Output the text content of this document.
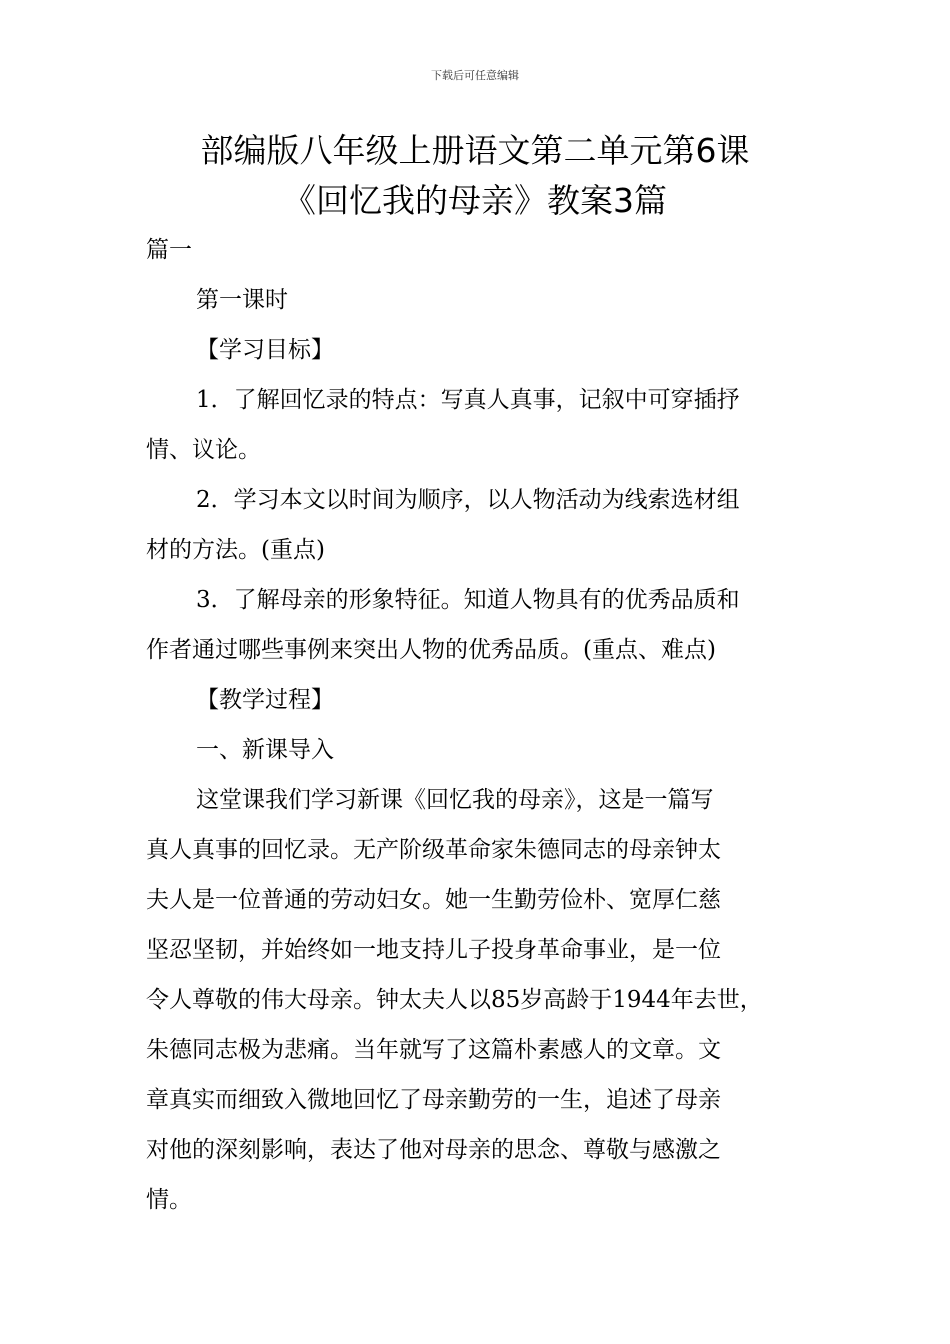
下载后可任意编辑
部编版八年级上册语文第二单元第6课
《回忆我的母亲》教案3篇
篇一
第一课时
【学习目标】
1．了解回忆录的特点：写真人真事，记叙中可穿插抒
情、议论。
2．学习本文以时间为顺序，以人物活动为线索选材组
材的方法。(重点)
3．了解母亲的形象特征。知道人物具有的优秀品质和
作者通过哪些事例来突出人物的优秀品质。(重点、难点)
【教学过程】
一、新课导入
这堂课我们学习新课《回忆我的母亲》，这是一篇写
真人真事的回忆录。无产阶级革命家朱德同志的母亲钟太
夫人是一位普通的劳动妇女。她一生勤劳俭朴、宽厚仁慈
坚忍坚韧，并始终如一地支持儿子投身革命事业，是一位
令人尊敬的伟大母亲。钟太夫人以85岁高龄于1944年去世，
朱德同志极为悲痛。当年就写了这篇朴素感人的文章。文
章真实而细致入微地回忆了母亲勤劳的一生，追述了母亲
对他的深刻影响，表达了他对母亲的思念、尊敬与感激之
情。
